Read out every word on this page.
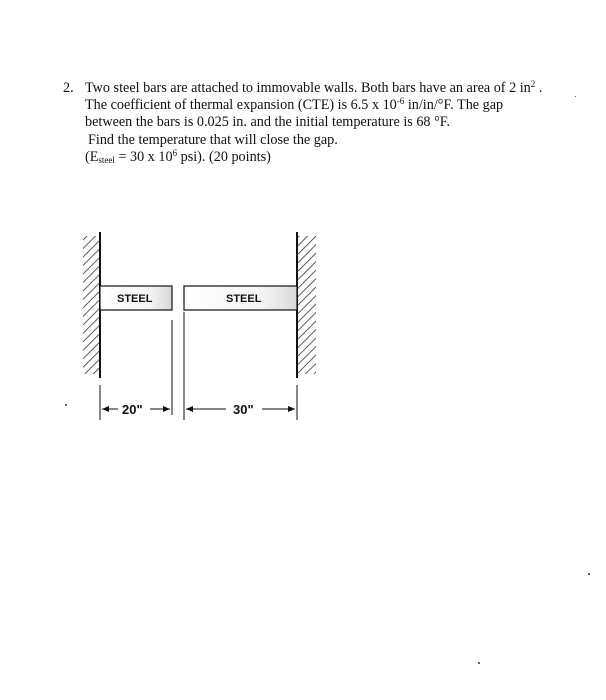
2. Two steel bars are attached to immovable walls. Both bars have an area of 2 $in^2$ .
The coefficient of thermal expansion (CTE) is 6.5 x $10^{-6}$ in/in/°F. The gap
between the bars is 0.025 in. and the initial temperature is 68 °F.
Find the temperature that will close the gap.
($E_{steel} = 30$ x $10^6$ psi). (20 points)
STEEL	STEEL
20"	30"
